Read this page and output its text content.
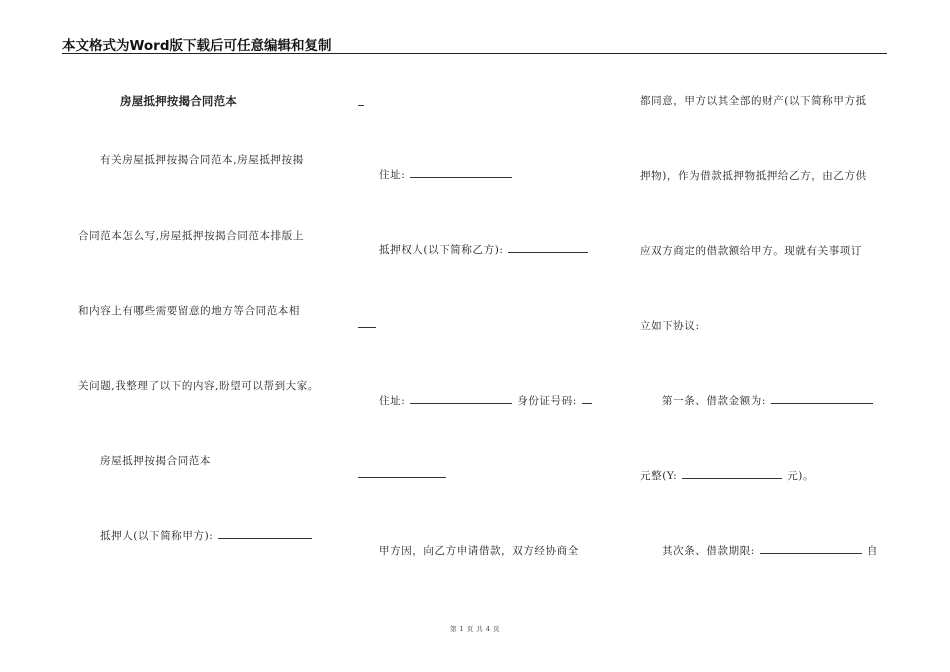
本文格式为Word版下载后可任意编辑和复制
房屋抵押按揭合同范本
有关房屋抵押按揭合同范本,房屋抵押按揭
合同范本怎么写,房屋抵押按揭合同范本排版上
和内容上有哪些需要留意的地方等合同范本相
关问题,我整理了以下的内容,盼望可以帮到大家。
房屋抵押按揭合同范本
抵押人(以下简称甲方):
住址:
抵押权人(以下简称乙方):
住址:	身份证号码:
甲方因，向乙方申请借款，双方经协商全
都同意，甲方以其全部的财产(以下简称甲方抵
押物)，作为借款抵押物抵押给乙方，由乙方供
应双方商定的借款额给甲方。现就有关事项订
立如下协议:
第一条、借款金额为:
元整(Y:	元)。
其次条、借款期限:	自
第 1 页 共 4 页
